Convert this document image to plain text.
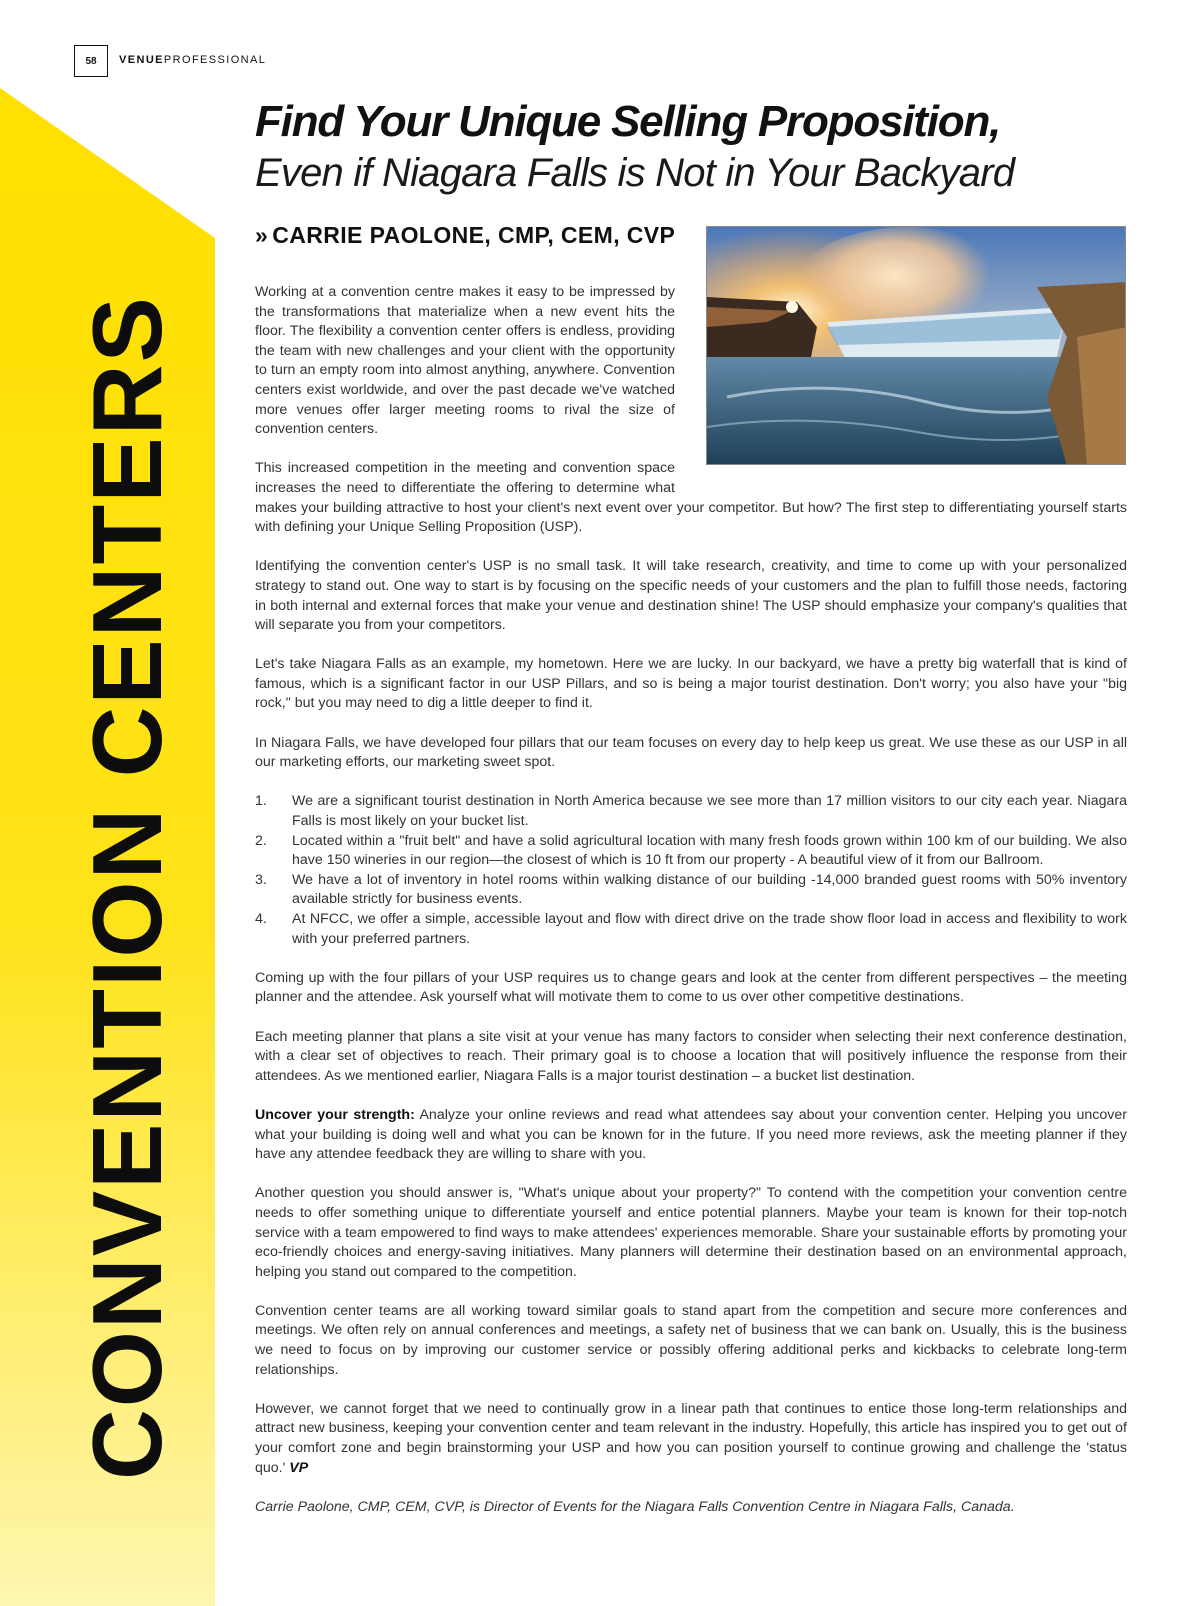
58	VENUEPROFESSIONAL
CONVENTION CENTERS
Find Your Unique Selling Proposition,
Even if Niagara Falls is Not in Your Backyard
» CARRIE PAOLONE, CMP, CEM, CVP

Working at a convention centre makes it easy to be impressed by the transformations that materialize when a new event hits the floor. The flexibility a convention center offers is endless, providing the team with new challenges and your client with the opportunity to turn an empty room into almost anything, anywhere. Convention centers exist worldwide, and over the past decade we've watched more venues offer larger meeting rooms to rival the size of convention centers.

This increased competition in the meeting and convention space increases the need to differentiate the offering to determine what makes your building attractive to host your client's next event over your competitor. But how? The first step to differentiating yourself starts with defining your Unique Selling Proposition (USP).

Identifying the convention center's USP is no small task. It will take research, creativity, and time to come up with your personalized strategy to stand out. One way to start is by focusing on the specific needs of your customers and the plan to fulfill those needs, factoring in both internal and external forces that make your venue and destination shine! The USP should emphasize your company's qualities that will separate you from your competitors.

Let's take Niagara Falls as an example, my hometown. Here we are lucky. In our backyard, we have a pretty big waterfall that is kind of famous, which is a significant factor in our USP Pillars, and so is being a major tourist destination. Don't worry; you also have your "big rock," but you may need to dig a little deeper to find it.

In Niagara Falls, we have developed four pillars that our team focuses on every day to help keep us great. We use these as our USP in all our marketing efforts, our marketing sweet spot.

1. We are a significant tourist destination in North America because we see more than 17 million visitors to our city each year. Niagara Falls is most likely on your bucket list.
2. Located within a "fruit belt" and have a solid agricultural location with many fresh foods grown within 100 km of our building. We also have 150 wineries in our region—the closest of which is 10 ft from our property - A beautiful view of it from our Ballroom.
3. We have a lot of inventory in hotel rooms within walking distance of our building -14,000 branded guest rooms with 50% inventory available strictly for business events.
4. At NFCC, we offer a simple, accessible layout and flow with direct drive on the trade show floor load in access and flexibility to work with your preferred partners.

Coming up with the four pillars of your USP requires us to change gears and look at the center from different perspectives – the meeting planner and the attendee. Ask yourself what will motivate them to come to us over other competitive destinations.

Each meeting planner that plans a site visit at your venue has many factors to consider when selecting their next conference destination, with a clear set of objectives to reach. Their primary goal is to choose a location that will positively influence the response from their attendees. As we mentioned earlier, Niagara Falls is a major tourist destination – a bucket list destination.

Uncover your strength: Analyze your online reviews and read what attendees say about your convention center. Helping you uncover what your building is doing well and what you can be known for in the future. If you need more reviews, ask the meeting planner if they have any attendee feedback they are willing to share with you.

Another question you should answer is, "What's unique about your property?" To contend with the competition your convention centre needs to offer something unique to differentiate yourself and entice potential planners. Maybe your team is known for their top-notch service with a team empowered to find ways to make attendees' experiences memorable. Share your sustainable efforts by promoting your eco-friendly choices and energy-saving initiatives. Many planners will determine their destination based on an environmental approach, helping you stand out compared to the competition.

Convention center teams are all working toward similar goals to stand apart from the competition and secure more conferences and meetings. We often rely on annual conferences and meetings, a safety net of business that we can bank on. Usually, this is the business we need to focus on by improving our customer service or possibly offering additional perks and kickbacks to celebrate long-term relationships.

However, we cannot forget that we need to continually grow in a linear path that continues to entice those long-term relationships and attract new business, keeping your convention center and team relevant in the industry. Hopefully, this article has inspired you to get out of your comfort zone and begin brainstorming your USP and how you can position yourself to continue growing and challenge the 'status quo.' VP

Carrie Paolone, CMP, CEM, CVP, is Director of Events for the Niagara Falls Convention Centre in Niagara Falls, Canada.
